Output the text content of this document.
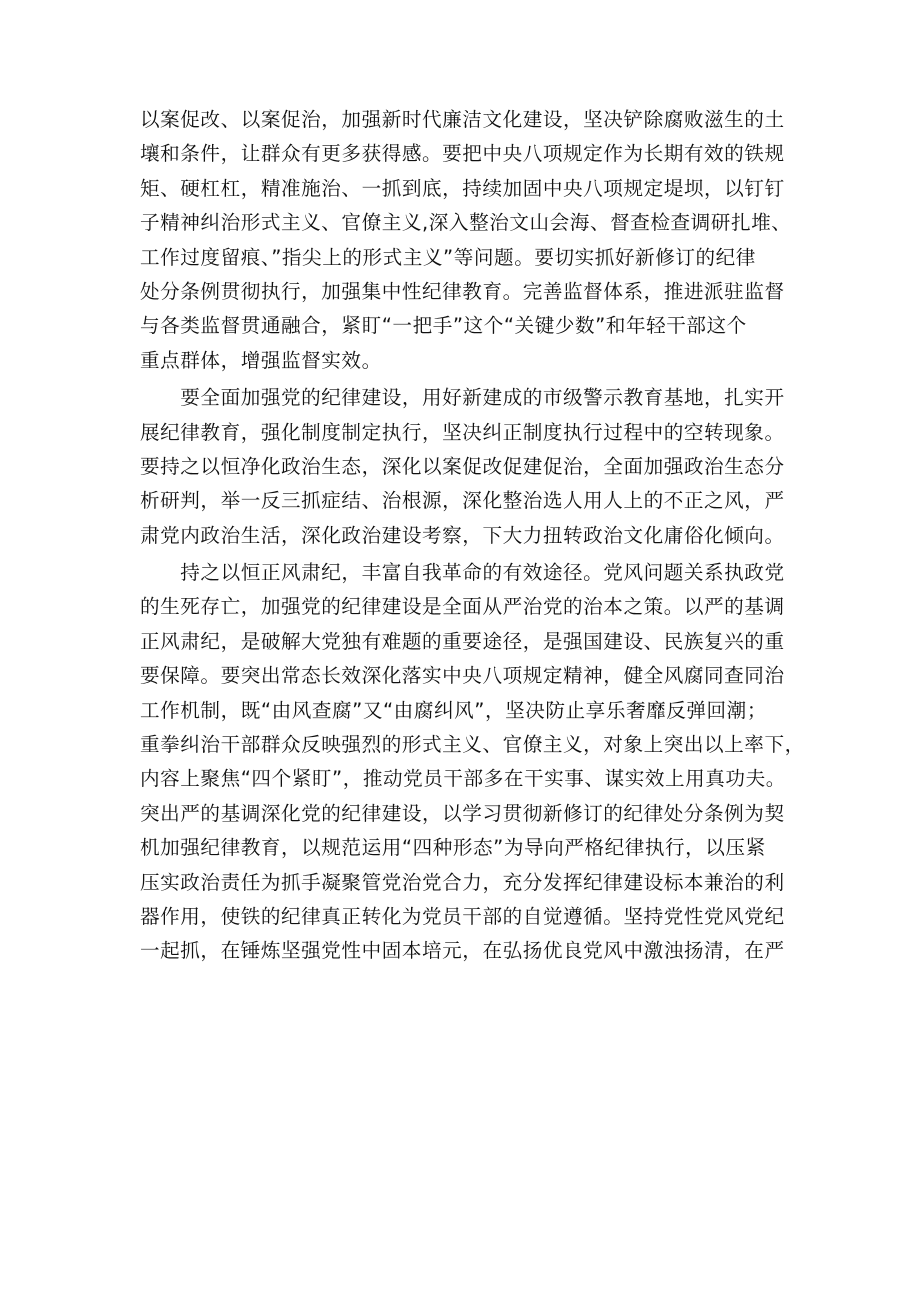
以案促改、以案促治，加强新时代廉洁文化建设，坚决铲除腐败滋生的土
壤和条件，让群众有更多获得感。要把中央八项规定作为长期有效的铁规
矩、硬杠杠，精准施治、一抓到底，持续加固中央八项规定堤坝，以钉钉
子精神纠治形式主义、官僚主义,深入整治文山会海、督查检查调研扎堆、
工作过度留痕、”指尖上的形式主义”等问题。要切实抓好新修订的纪律
处分条例贯彻执行，加强集中性纪律教育。完善监督体系，推进派驻监督
与各类监督贯通融合，紧盯“一把手”这个“关键少数”和年轻干部这个
重点群体，增强监督实效。
　　要全面加强党的纪律建设，用好新建成的市级警示教育基地，扎实开
展纪律教育，强化制度制定执行，坚决纠正制度执行过程中的空转现象。
要持之以恒净化政治生态，深化以案促改促建促治，全面加强政治生态分
析研判，举一反三抓症结、治根源，深化整治选人用人上的不正之风，严
肃党内政治生活，深化政治建设考察，下大力扭转政治文化庸俗化倾向。
　　持之以恒正风肃纪，丰富自我革命的有效途径。党风问题关系执政党
的生死存亡，加强党的纪律建设是全面从严治党的治本之策。以严的基调
正风肃纪，是破解大党独有难题的重要途径，是强国建设、民族复兴的重
要保障。要突出常态长效深化落实中央八项规定精神，健全风腐同查同治
工作机制，既“由风查腐”又“由腐纠风”，坚决防止享乐奢靡反弹回潮；
重拳纠治干部群众反映强烈的形式主义、官僚主义，对象上突出以上率下，
内容上聚焦“四个紧盯”，推动党员干部多在干实事、谋实效上用真功夫。
突出严的基调深化党的纪律建设，以学习贯彻新修订的纪律处分条例为契
机加强纪律教育，以规范运用“四种形态”为导向严格纪律执行，以压紧
压实政治责任为抓手凝聚管党治党合力，充分发挥纪律建设标本兼治的利
器作用，使铁的纪律真正转化为党员干部的自觉遵循。坚持党性党风党纪
一起抓，在锤炼坚强党性中固本培元，在弘扬优良党风中激浊扬清，在严
